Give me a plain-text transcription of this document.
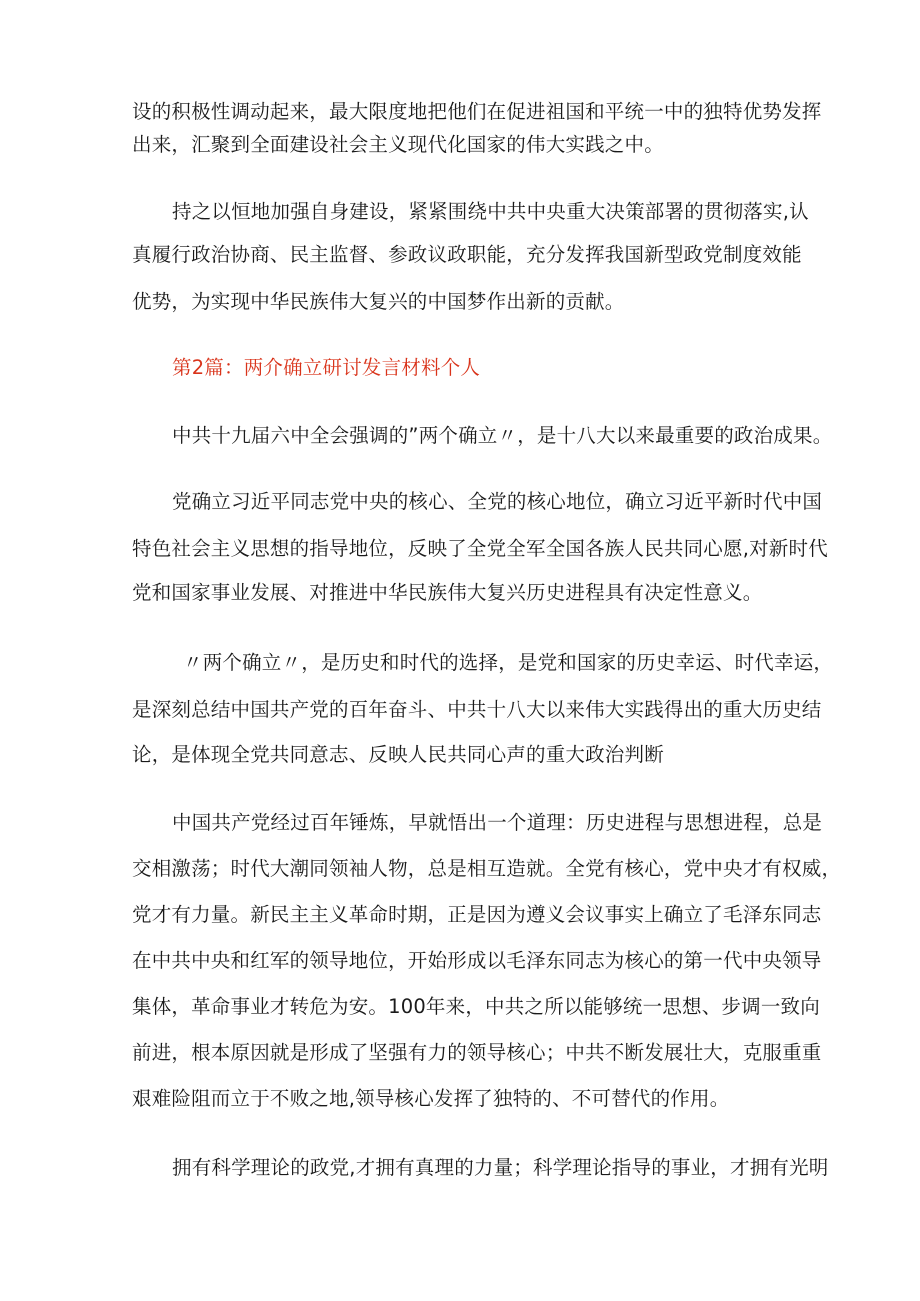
设的积极性调动起来，最大限度地把他们在促进祖国和平统一中的独特优势发挥
出来，汇聚到全面建设社会主义现代化国家的伟大实践之中。
持之以恒地加强自身建设，紧紧围绕中共中央重大决策部署的贯彻落实,认
真履行政治协商、民主监督、参政议政职能，充分发挥我国新型政党制度效能
优势，为实现中华民族伟大复兴的中国梦作出新的贡献。
第2篇：两介确立研讨发言材料个人
中共十九届六中全会强调的”两个确立〃，是十八大以来最重要的政治成果。
党确立习近平同志党中央的核心、全党的核心地位，确立习近平新时代中国
特色社会主义思想的指导地位，反映了全党全军全国各族人民共同心愿,对新时代
党和国家事业发展、对推进中华民族伟大复兴历史进程具有决定性意义。
〃两个确立〃，是历史和时代的选择，是党和国家的历史幸运、时代幸运，
是深刻总结中国共产党的百年奋斗、中共十八大以来伟大实践得出的重大历史结
论，是体现全党共同意志、反映人民共同心声的重大政治判断
中国共产党经过百年锤炼，早就悟出一个道理：历史进程与思想进程，总是
交相激荡；时代大潮同领袖人物，总是相互造就。全党有核心，党中央才有权威，
党才有力量。新民主主义革命时期，正是因为遵义会议事实上确立了毛泽东同志
在中共中央和红军的领导地位，开始形成以毛泽东同志为核心的第一代中央领导
集体，革命事业才转危为安。100年来，中共之所以能够统一思想、步调一致向
前进，根本原因就是形成了坚强有力的领导核心；中共不断发展壮大，克服重重
艰难险阻而立于不败之地,领导核心发挥了独特的、不可替代的作用。
拥有科学理论的政党,才拥有真理的力量；科学理论指导的事业，才拥有光明
